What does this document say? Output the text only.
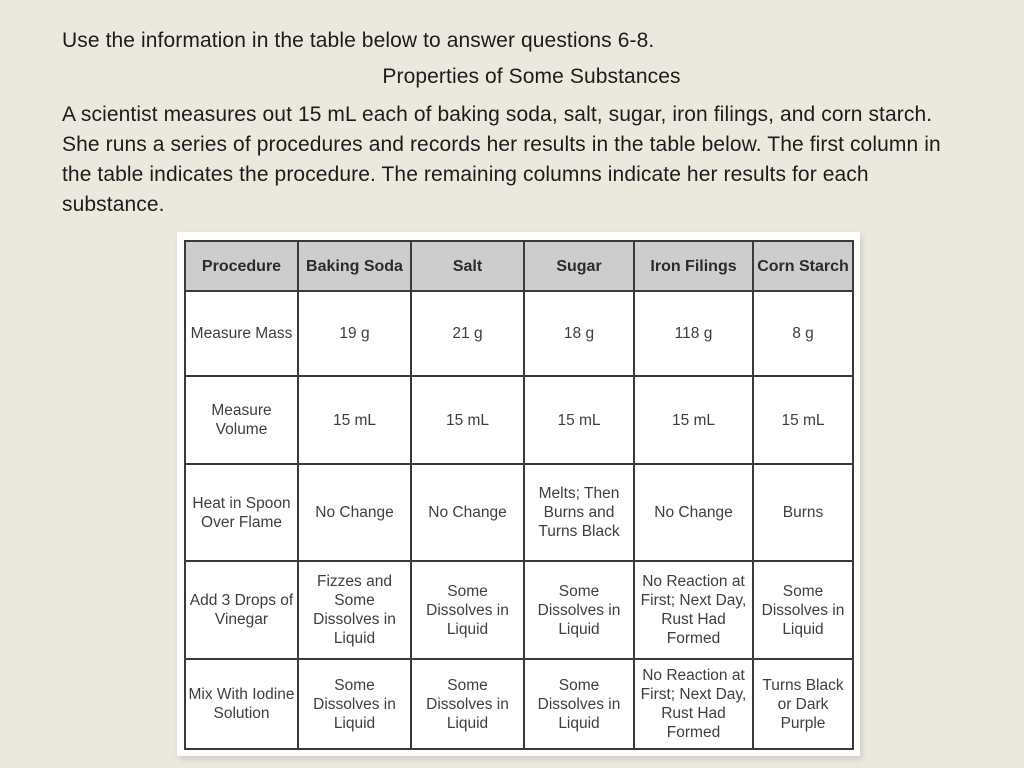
Use the information in the table below to answer questions 6-8.

Properties of Some Substances

A scientist measures out 15 mL each of baking soda, salt, sugar, iron filings, and corn starch. She runs a series of procedures and records her results in the table below. The first column in the table indicates the procedure. The remaining columns indicate her results for each substance.

Procedure	Baking Soda	Salt	Sugar	Iron Filings	Corn Starch
Measure Mass	19 g	21 g	18 g	118 g	8 g
Measure Volume	15 mL	15 mL	15 mL	15 mL	15 mL
Heat in Spoon Over Flame	No Change	No Change	Melts; Then Burns and Turns Black	No Change	Burns
Add 3 Drops of Vinegar	Fizzes and Some Dissolves in Liquid	Some Dissolves in Liquid	Some Dissolves in Liquid	No Reaction at First; Next Day, Rust Had Formed	Some Dissolves in Liquid
Mix With Iodine Solution	Some Dissolves in Liquid	Some Dissolves in Liquid	Some Dissolves in Liquid	No Reaction at First; Next Day, Rust Had Formed	Turns Black or Dark Purple
